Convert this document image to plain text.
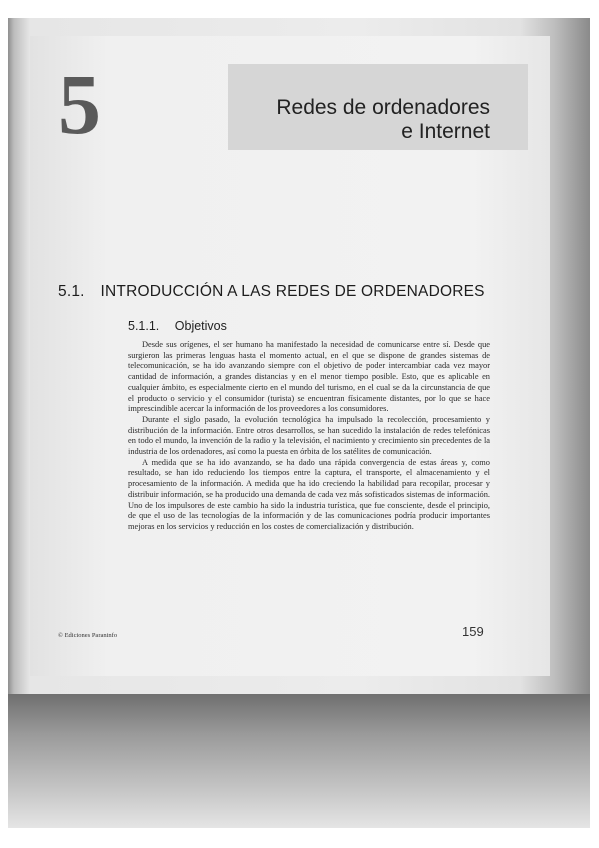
5	Redes de ordenadores
e Internet
5.1. INTRODUCCIÓN A LAS REDES DE ORDENADORES
5.1.1. Objetivos

Desde sus orígenes, el ser humano ha manifestado la necesidad de comunicarse entre sí. Desde que surgieron las primeras lenguas hasta el momento actual, en el que se dispone de grandes sistemas de telecomunicación, se ha ido avanzando siempre con el objetivo de poder intercambiar cada vez mayor cantidad de información, a grandes distancias y en el menor tiempo posible. Esto, que es aplicable en cualquier ámbito, es especialmente cierto en el mundo del turismo, en el cual se da la circunstancia de que el producto o servicio y el consumidor (turista) se encuentran físicamente distantes, por lo que se hace imprescindible acercar la información de los proveedores a los consumidores.

Durante el siglo pasado, la evolución tecnológica ha impulsado la recolección, procesamiento y distribución de la información. Entre otros desarrollos, se han sucedido la instalación de redes telefónicas en todo el mundo, la invención de la radio y la televisión, el nacimiento y crecimiento sin precedentes de la industria de los ordenadores, así como la puesta en órbita de los satélites de comunicación.

A medida que se ha ido avanzando, se ha dado una rápida convergencia de estas áreas y, como resultado, se han ido reduciendo los tiempos entre la captura, el transporte, el almacenamiento y el procesamiento de la información. A medida que ha ido creciendo la habilidad para recopilar, procesar y distribuir información, se ha producido una demanda de cada vez más sofisticados sistemas de información. Uno de los impulsores de este cambio ha sido la industria turística, que fue consciente, desde el principio, de que el uso de las tecnologías de la información y de las comunicaciones podría producir importantes mejoras en los servicios y reducción en los costes de comercialización y distribución.

© Ediciones Paraninfo	159
